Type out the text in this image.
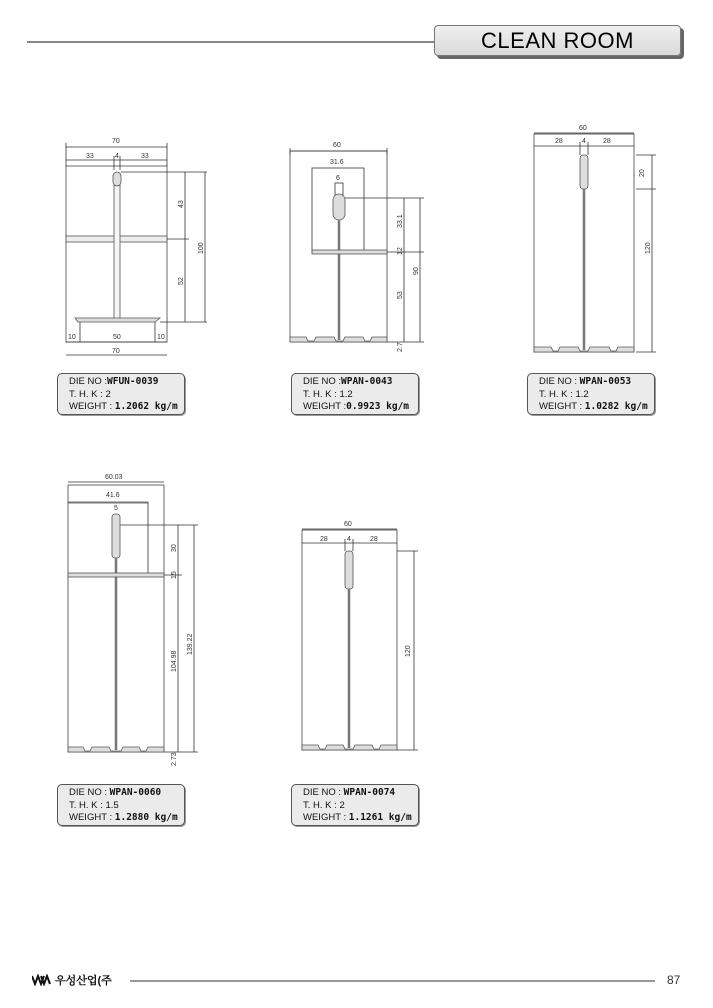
CLEAN ROOM
70
33	4	33
43
52
100
10	50	10
70
60
31.6
6
33.1
12
53
90
2.7
60
28	4 28
20
120
60.03
41.6
5
30
15
104.98
139.22
2.73
60
28	4	28
120
DIE NO :WFUN-0039
T. H. K : 2
WEIGHT : 1.2062 kg/m
DIE NO :WPAN-0043
T. H. K : 1.2
WEIGHT :0.9923 kg/m
DIE NO : WPAN-0053
T. H. K : 1.2
WEIGHT : 1.0282 kg/m
DIE NO : WPAN-0060
T. H. K : 1.5
WEIGHT : 1.2880 kg/m
DIE NO : WPAN-0074
T. H. K : 2
WEIGHT : 1.1261 kg/m
우성산업(주	87
